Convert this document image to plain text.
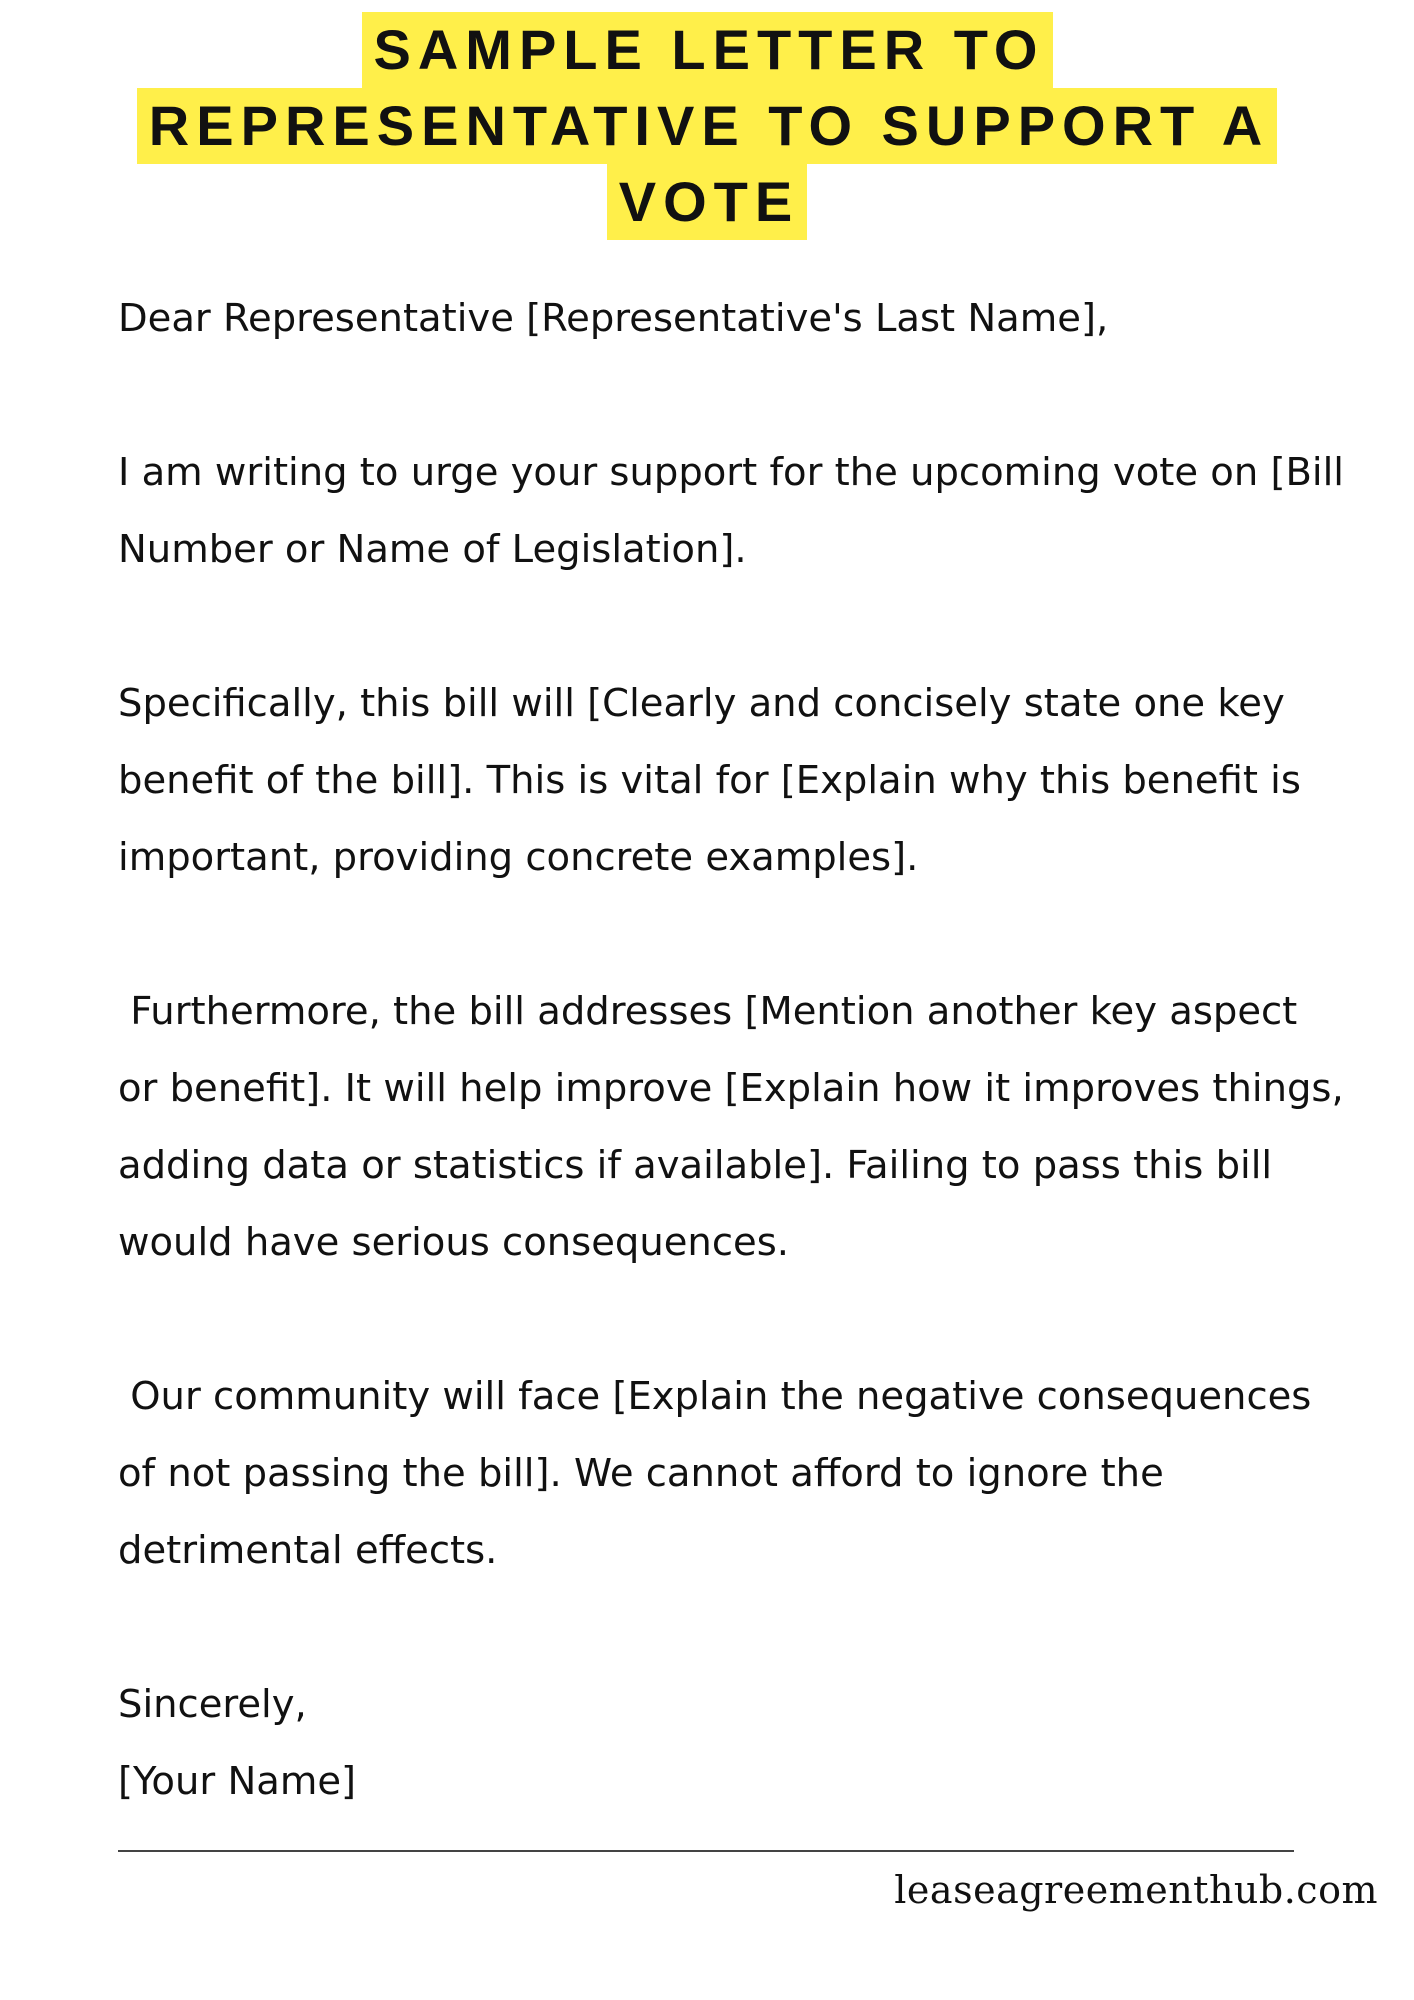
SAMPLE LETTER TO
REPRESENTATIVE TO SUPPORT A
VOTE

Dear Representative [Representative's Last Name],

I am writing to urge your support for the upcoming vote on [Bill Number or Name of Legislation].

Specifically, this bill will [Clearly and concisely state one key benefit of the bill]. This is vital for [Explain why this benefit is important, providing concrete examples].

Furthermore, the bill addresses [Mention another key aspect or benefit]. It will help improve [Explain how it improves things, adding data or statistics if available]. Failing to pass this bill would have serious consequences.

Our community will face [Explain the negative consequences of not passing the bill]. We cannot afford to ignore the detrimental effects.

Sincerely,

[Your Name]

leaseagreementhub.com
